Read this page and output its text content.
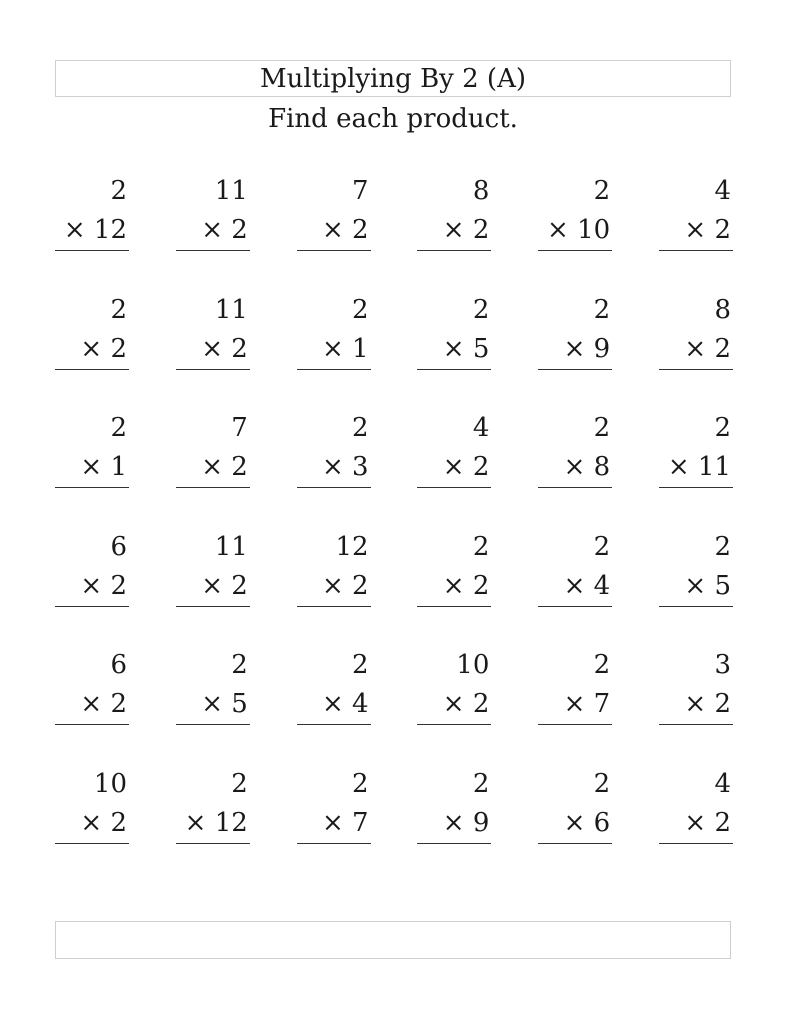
Multiplying By 2 (A)
Find each product.
2
× 12
11
× 2
7
× 2
8
× 2
2
× 10
4
× 2
2
× 2
11
× 2
2
× 1
2
× 5
2
× 9
8
× 2
2
× 1
7
× 2
2
× 3
4
× 2
2
× 8
2
× 11
6
× 2
11
× 2
12
× 2
2
× 2
2
× 4
2
× 5
6
× 2
2
× 5
2
× 4
10
× 2
2
× 7
3
× 2
10
× 2
2
× 12
2
× 7
2
× 9
2
× 6
4
× 2
